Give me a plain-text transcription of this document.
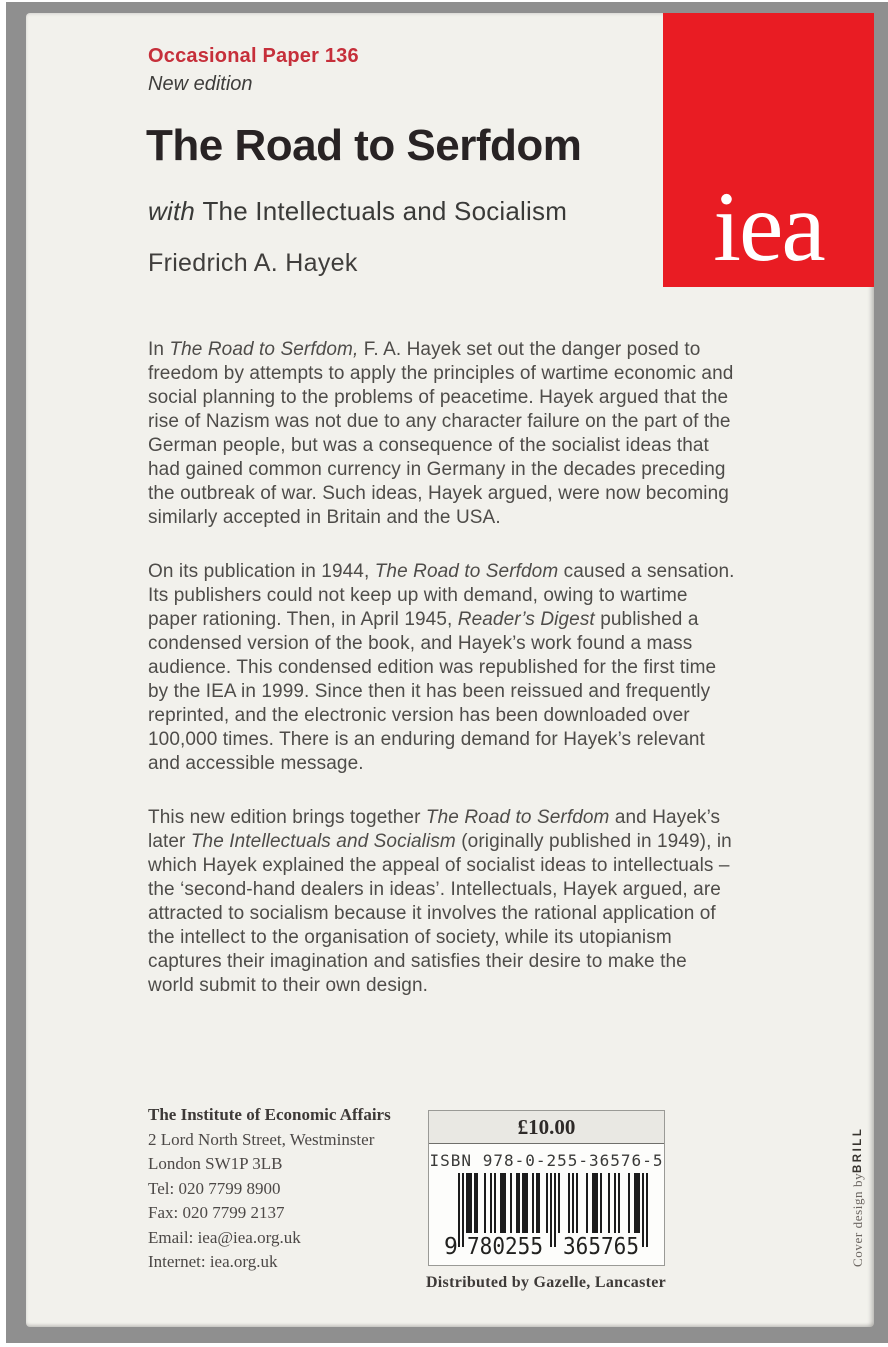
Occasional Paper 136
New edition
The Road to Serfdom
with The Intellectuals and Socialism
Friedrich A. Hayek	iea

In The Road to Serfdom, F. A. Hayek set out the danger posed to freedom by attempts to apply the principles of wartime economic and social planning to the problems of peacetime. Hayek argued that the rise of Nazism was not due to any character failure on the part of the German people, but was a consequence of the socialist ideas that had gained common currency in Germany in the decades preceding the outbreak of war. Such ideas, Hayek argued, were now becoming similarly accepted in Britain and the USA.

On its publication in 1944, The Road to Serfdom caused a sensation. Its publishers could not keep up with demand, owing to wartime paper rationing. Then, in April 1945, Reader’s Digest published a condensed version of the book, and Hayek’s work found a mass audience. This condensed edition was republished for the first time by the IEA in 1999. Since then it has been reissued and frequently reprinted, and the electronic version has been downloaded over 100,000 times. There is an enduring demand for Hayek’s relevant and accessible message.

This new edition brings together The Road to Serfdom and Hayek’s later The Intellectuals and Socialism (originally published in 1949), in which Hayek explained the appeal of socialist ideas to intellectuals – the ‘second-hand dealers in ideas’. Intellectuals, Hayek argued, are attracted to socialism because it involves the rational application of the intellect to the organisation of society, while its utopianism captures their imagination and satisfies their desire to make the world submit to their own design.

The Institute of Economic Affairs
2 Lord North Street, Westminster
London SW1P 3LB
Tel: 020 7799 8900
Fax: 020 7799 2137
Email: iea@iea.org.uk
Internet: iea.org.uk
£10.00
ISBN 978-0-255-36576-5
9 780255 365765
Distributed by Gazelle, Lancaster
Cover design by
BRILL
